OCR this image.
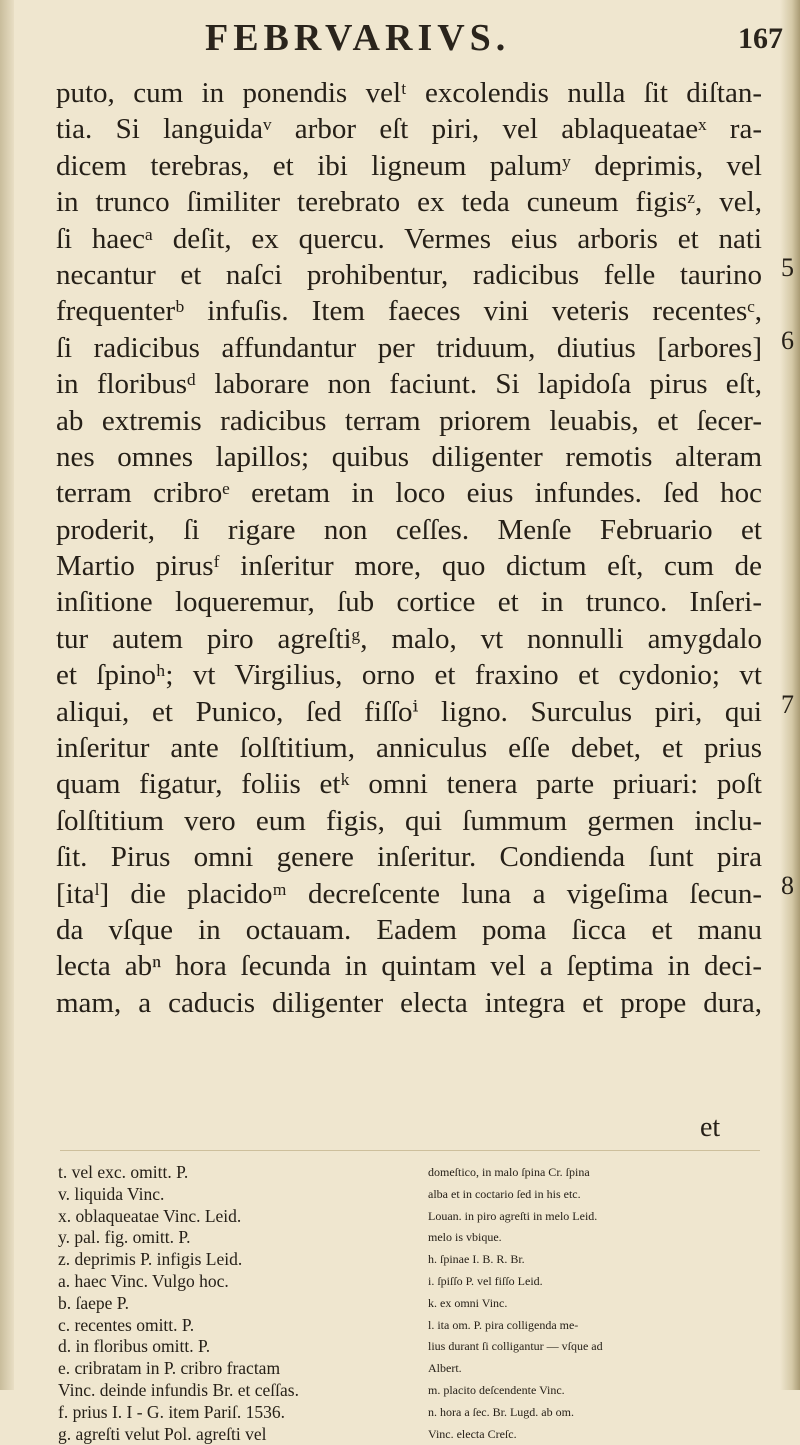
FEBRVARIVS.	167
puto, cum in ponendis velᵗ excolendis nulla ſit diſtan-
tia. Si languidaᵛ arbor eſt piri, vel ablaqueataeˣ ra-
dicem terebras, et ibi ligneum palumʸ deprimis, vel
in trunco ſimiliter terebrato ex teda cuneum figisᶻ, vel,
ſi haecᵃ deſit, ex quercu. Vermes eius arboris et nati
necantur et naſci prohibentur, radicibus felle taurino
frequenterᵇ infuſis. Item faeces vini veteris recentesᶜ,
ſi radicibus affundantur per triduum, diutius [arbores]
in floribusᵈ laborare non faciunt. Si lapidoſa pirus eſt,
ab extremis radicibus terram priorem leuabis, et ſecer-
nes omnes lapillos; quibus diligenter remotis alteram
terram cribroᵉ eretam in loco eius infundes. ſed hoc
proderit, ſi rigare non ceſſes. Menſe Februario et
Martio pirusᶠ inſeritur more, quo dictum eſt, cum de
inſitione loqueremur, ſub cortice et in trunco. Inſeri-
tur autem piro agreſtiᵍ, malo, vt nonnulli amygdalo
et ſpinoʰ; vt Virgilius, orno et fraxino et cydonio; vt
aliqui, et Punico, ſed fiſſoⁱ ligno. Surculus piri, qui
inſeritur ante ſolſtitium, anniculus eſſe debet, et prius
quam figatur, foliis etᵏ omni tenera parte priuari: poſt
ſolſtitium vero eum figis, qui ſummum germen inclu-
ſit. Pirus omni genere inſeritur. Condienda ſunt pira
[itaˡ] die placidoᵐ decreſcente luna a vigeſima ſecun-
da vſque in octauam. Eadem poma ſicca et manu
lecta abⁿ hora ſecunda in quintam vel a ſeptima in deci-
mam, a caducis diligenter electa integra et prope dura,
5
6
7
8
et
t. vel exc. omitt. P.
v. liquida Vinc.
x. oblaqueatae Vinc. Leid.
y. pal. fig. omitt. P.
z. deprimis P. infigis Leid.
a. haec Vinc. Vulgo hoc.
b. ſaepe P.
c. recentes omitt. P.
d. in floribus omitt. P.
e. cribratam in P. cribro fractam
Vinc. deinde infundis Br. et ceſſas.
f. prius I. I - G. item Pariſ. 1536.
g. agreſti velut Pol. agreſti vel
domeſtico, in malo ſpina Cr. ſpina
alba et in coctario ſed in his etc.
Louan. in piro agreſti in melo Leid.
melo is vbique.
h. ſpinae I. B. R. Br.
i. ſpiſſo P. vel fiſſo Leid.
k. ex omni Vinc.
l. ita om. P. pira colligenda me-
lius durant ſi colligantur — vſque ad
Albert.
m. placito deſcendente Vinc.
n. hora a ſec. Br. Lugd. ab om.
Vinc. electa Creſc.
